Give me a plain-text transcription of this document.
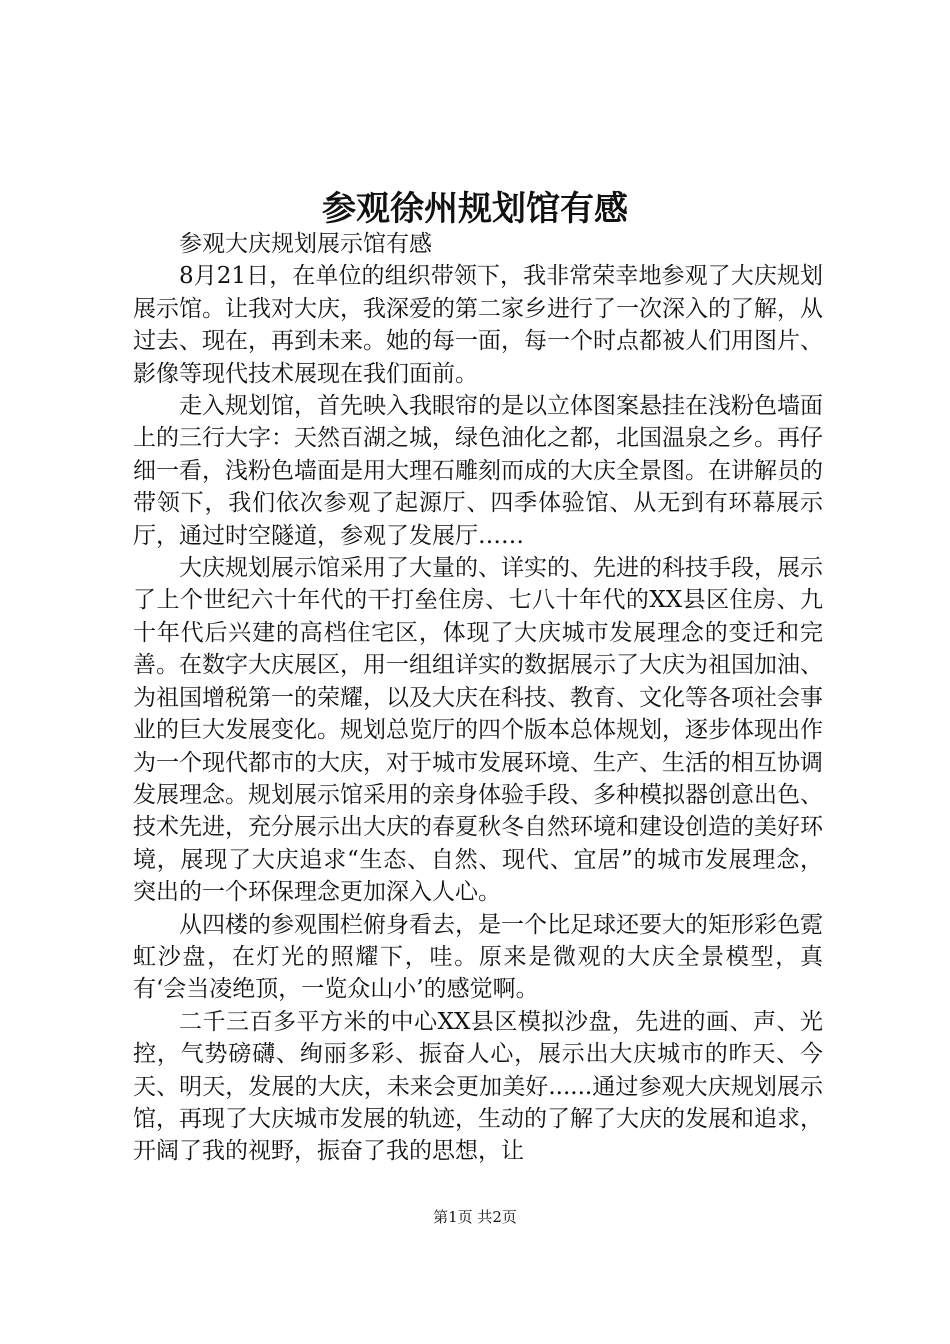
参观徐州规划馆有感

参观大庆规划展示馆有感

8月21日，在单位的组织带领下，我非常荣幸地参观了大庆规划展示馆。让我对大庆，我深爱的第二家乡进行了一次深入的了解，从过去、现在，再到未来。她的每一面，每一个时点都被人们用图片、影像等现代技术展现在我们面前。

走入规划馆，首先映入我眼帘的是以立体图案悬挂在浅粉色墙面上的三行大字：天然百湖之城，绿色油化之都，北国温泉之乡。再仔细一看，浅粉色墙面是用大理石雕刻而成的大庆全景图。在讲解员的带领下，我们依次参观了起源厅、四季体验馆、从无到有环幕展示厅，通过时空隧道，参观了发展厅……

大庆规划展示馆采用了大量的、详实的、先进的科技手段，展示了上个世纪六十年代的干打垒住房、七八十年代的XX县区住房、九十年代后兴建的高档住宅区，体现了大庆城市发展理念的变迁和完善。在数字大庆展区，用一组组详实的数据展示了大庆为祖国加油、为祖国增税第一的荣耀，以及大庆在科技、教育、文化等各项社会事业的巨大发展变化。规划总览厅的四个版本总体规划，逐步体现出作为一个现代都市的大庆，对于城市发展环境、生产、生活的相互协调发展理念。规划展示馆采用的亲身体验手段、多种模拟器创意出色、技术先进，充分展示出大庆的春夏秋冬自然环境和建设创造的美好环境，展现了大庆追求“生态、自然、现代、宜居”的城市发展理念，突出的一个环保理念更加深入人心。

从四楼的参观围栏俯身看去，是一个比足球还要大的矩形彩色霓虹沙盘，在灯光的照耀下，哇。原来是微观的大庆全景模型，真有‘会当凌绝顶，一览众山小’的感觉啊。

二千三百多平方米的中心XX县区模拟沙盘，先进的画、声、光控，气势磅礴、绚丽多彩、振奋人心，展示出大庆城市的昨天、今天、明天，发展的大庆，未来会更加美好......通过参观大庆规划展示馆，再现了大庆城市发展的轨迹，生动的了解了大庆的发展和追求，开阔了我的视野，振奋了我的思想，让

第1页 共2页
